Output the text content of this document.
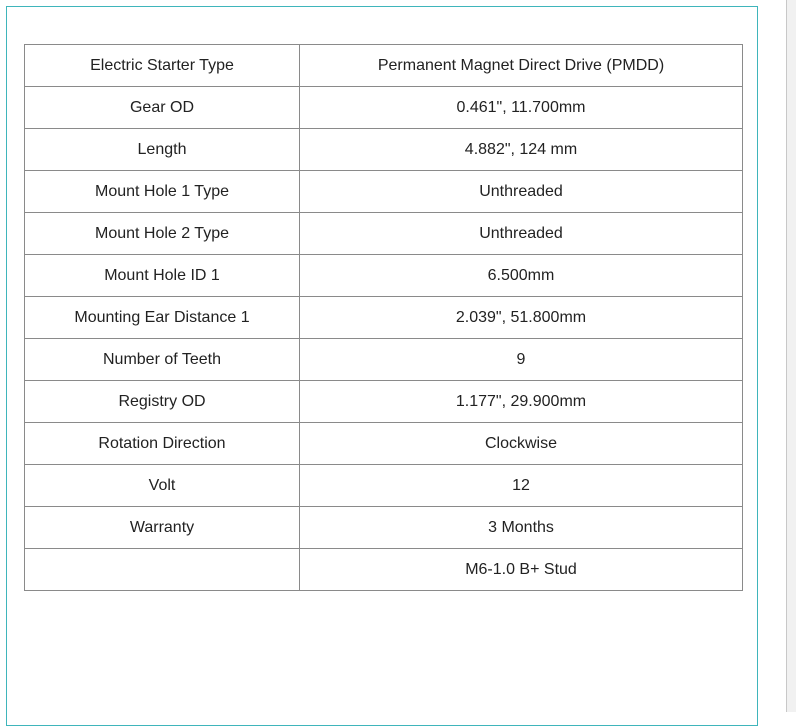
Electric Starter Type	Permanent Magnet Direct Drive (PMDD)
Gear OD	0.461", 11.700mm
Length	4.882", 124 mm
Mount Hole 1 Type	Unthreaded
Mount Hole 2 Type	Unthreaded
Mount Hole ID 1	6.500mm
Mounting Ear Distance 1	2.039", 51.800mm
Number of Teeth	9
Registry OD	1.177", 29.900mm
Rotation Direction	Clockwise
Volt	12
Warranty	3 Months
	M6-1.0 B+ Stud
